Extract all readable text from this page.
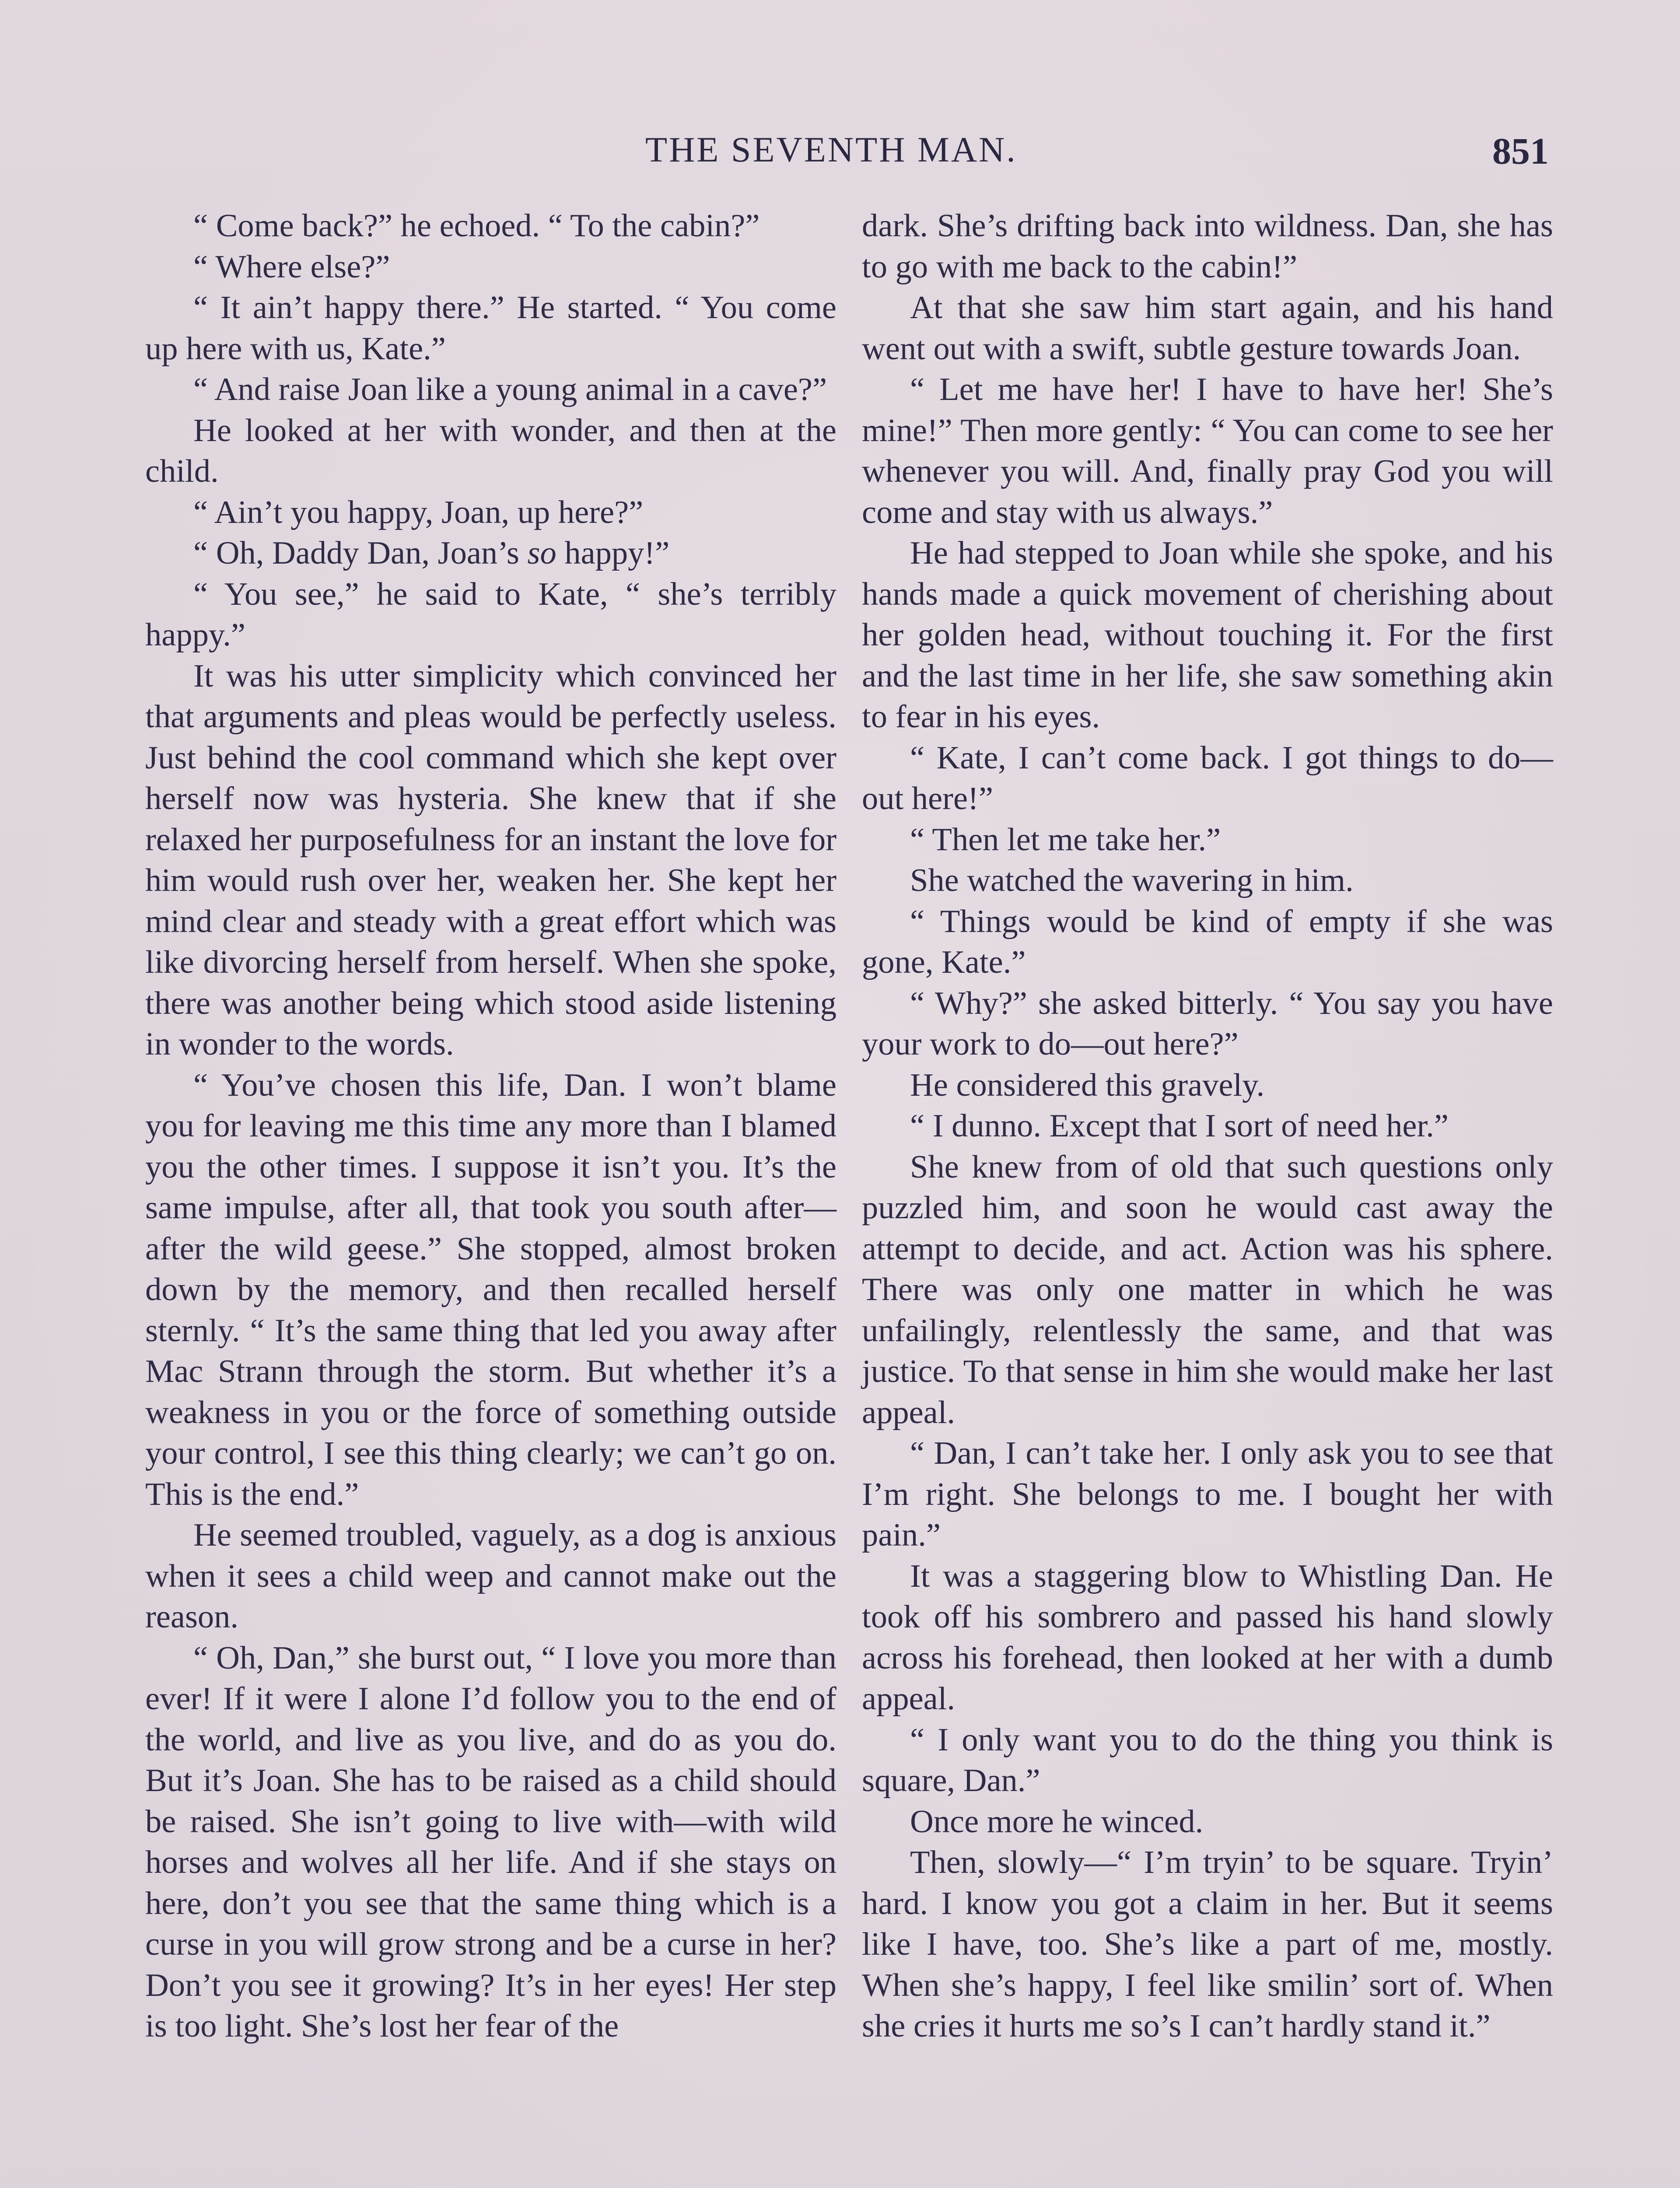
THE SEVENTH MAN.	851

“ Come back?” he echoed. “ To the cabin?”

“ Where else?”

“ It ain’t happy there.” He started. “ You come up here with us, Kate.”

“ And raise Joan like a young animal in a cave?”

He looked at her with wonder, and then at the child.

“ Ain’t you happy, Joan, up here?”

“ Oh, Daddy Dan, Joan’s so happy!”

“ You see,” he said to Kate, “ she’s terribly happy.”

It was his utter simplicity which convinced her that arguments and pleas would be perfectly useless. Just behind the cool command which she kept over herself now was hysteria. She knew that if she relaxed her purposefulness for an instant the love for him would rush over her, weaken her. She kept her mind clear and steady with a great effort which was like divorcing herself from herself. When she spoke, there was another being which stood aside listening in wonder to the words.

“ You’ve chosen this life, Dan. I won’t blame you for leaving me this time any more than I blamed you the other times. I suppose it isn’t you. It’s the same impulse, after all, that took you south after—after the wild geese.” She stopped, almost broken down by the memory, and then recalled herself sternly. “ It’s the same thing that led you away after Mac Strann through the storm. But whether it’s a weakness in you or the force of something outside your control, I see this thing clearly; we can’t go on. This is the end.”

He seemed troubled, vaguely, as a dog is anxious when it sees a child weep and cannot make out the reason.

“ Oh, Dan,” she burst out, “ I love you more than ever! If it were I alone I’d follow you to the end of the world, and live as you live, and do as you do. But it’s Joan. She has to be raised as a child should be raised. She isn’t going to live with—with wild horses and wolves all her life. And if she stays on here, don’t you see that the same thing which is a curse in you will grow strong and be a curse in her? Don’t you see it growing? It’s in her eyes! Her step is too light. She’s lost her fear of the

dark. She’s drifting back into wildness. Dan, she has to go with me back to the cabin!”

At that she saw him start again, and his hand went out with a swift, subtle gesture towards Joan.

“ Let me have her! I have to have her! She’s mine!” Then more gently: “ You can come to see her whenever you will. And, finally pray God you will come and stay with us always.”

He had stepped to Joan while she spoke, and his hands made a quick movement of cherishing about her golden head, without touching it. For the first and the last time in her life, she saw something akin to fear in his eyes.

“ Kate, I can’t come back. I got things to do—out here!”

“ Then let me take her.”

She watched the wavering in him.

“ Things would be kind of empty if she was gone, Kate.”

“ Why?” she asked bitterly. “ You say you have your work to do—out here?”

He considered this gravely.

“ I dunno. Except that I sort of need her.”

She knew from of old that such questions only puzzled him, and soon he would cast away the attempt to decide, and act. Action was his sphere. There was only one matter in which he was unfailingly, relentlessly the same, and that was justice. To that sense in him she would make her last appeal.

“ Dan, I can’t take her. I only ask you to see that I’m right. She belongs to me. I bought her with pain.”

It was a staggering blow to Whistling Dan. He took off his sombrero and passed his hand slowly across his forehead, then looked at her with a dumb appeal.

“ I only want you to do the thing you think is square, Dan.”

Once more he winced.

Then, slowly—“ I’m tryin’ to be square. Tryin’ hard. I know you got a claim in her. But it seems like I have, too. She’s like a part of me, mostly. When she’s happy, I feel like smilin’ sort of. When she cries it hurts me so’s I can’t hardly stand it.”
